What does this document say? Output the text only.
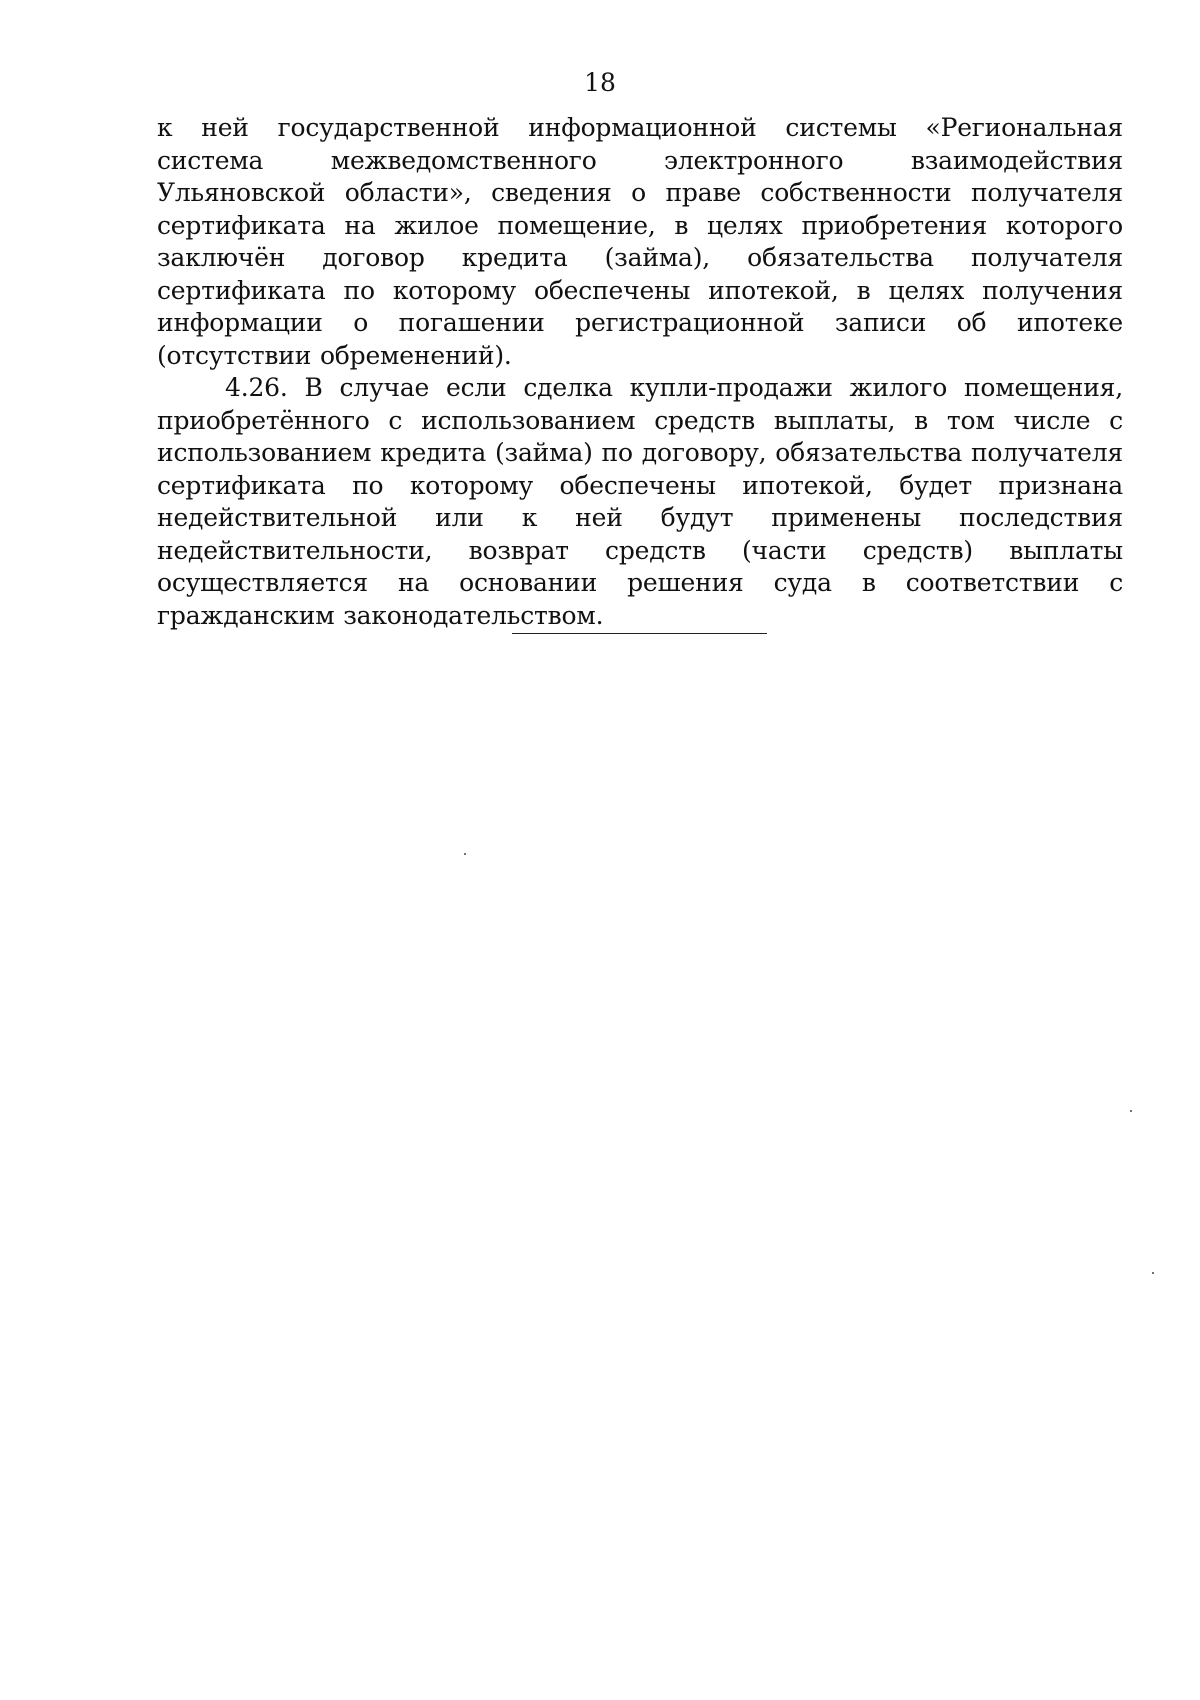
18

к ней государственной информационной системы «Региональная система межведомственного электронного взаимодействия Ульяновской области», сведения о праве собственности получателя сертификата на жилое помещение, в целях приобретения которого заключён договор кредита (займа), обязательства получателя сертификата по которому обеспечены ипотекой, в целях получения информации о погашении регистрационной записи об ипотеке (отсутствии обременений).

4.26. В случае если сделка купли-продажи жилого помещения, приобретённого с использованием средств выплаты, в том числе с использованием кредита (займа) по договору, обязательства получателя сертификата по которому обеспечены ипотекой, будет признана недействительной или к ней будут применены последствия недействительности, возврат средств (части средств) выплаты осуществляется на основании решения суда в соответствии с гражданским законодательством.
